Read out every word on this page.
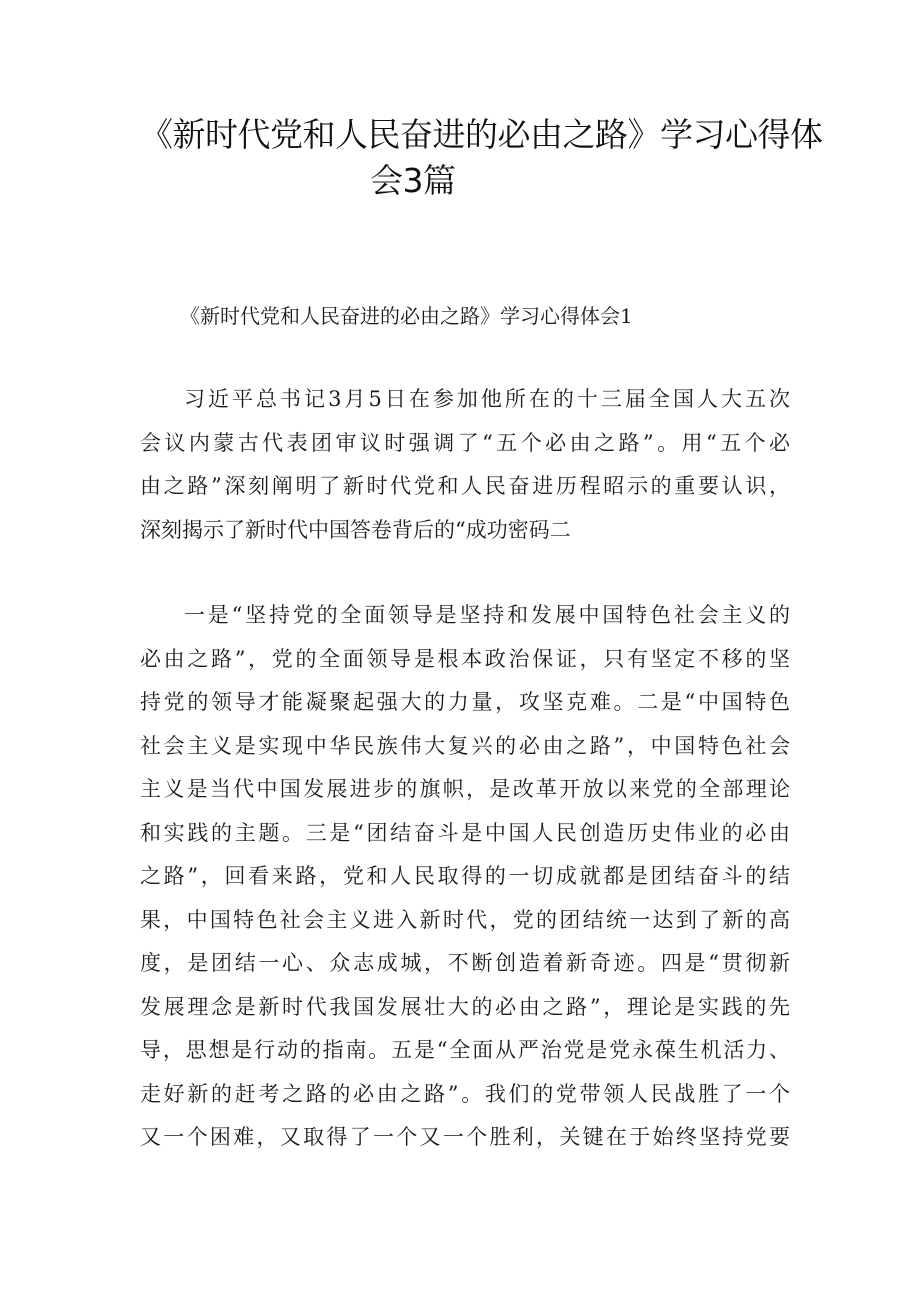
《新时代党和人民奋进的必由之路》学习心得体
会3篇
《新时代党和人民奋进的必由之路》学习心得体会1
习近平总书记3月5日在参加他所在的十三届全国人大五次
会议内蒙古代表团审议时强调了“五个必由之路”。用“五个必
由之路”深刻阐明了新时代党和人民奋进历程昭示的重要认识，
深刻揭示了新时代中国答卷背后的“成功密码二
一是“坚持党的全面领导是坚持和发展中国特色社会主义的
必由之路”，党的全面领导是根本政治保证，只有坚定不移的坚
持党的领导才能凝聚起强大的力量，攻坚克难。二是“中国特色
社会主义是实现中华民族伟大复兴的必由之路”，中国特色社会
主义是当代中国发展进步的旗帜，是改革开放以来党的全部理论
和实践的主题。三是“团结奋斗是中国人民创造历史伟业的必由
之路”，回看来路，党和人民取得的一切成就都是团结奋斗的结
果，中国特色社会主义进入新时代，党的团结统一达到了新的高
度，是团结一心、众志成城，不断创造着新奇迹。四是“贯彻新
发展理念是新时代我国发展壮大的必由之路”，理论是实践的先
导，思想是行动的指南。五是“全面从严治党是党永葆生机活力、
走好新的赶考之路的必由之路”。我们的党带领人民战胜了一个
又一个困难，又取得了一个又一个胜利，关键在于始终坚持党要
